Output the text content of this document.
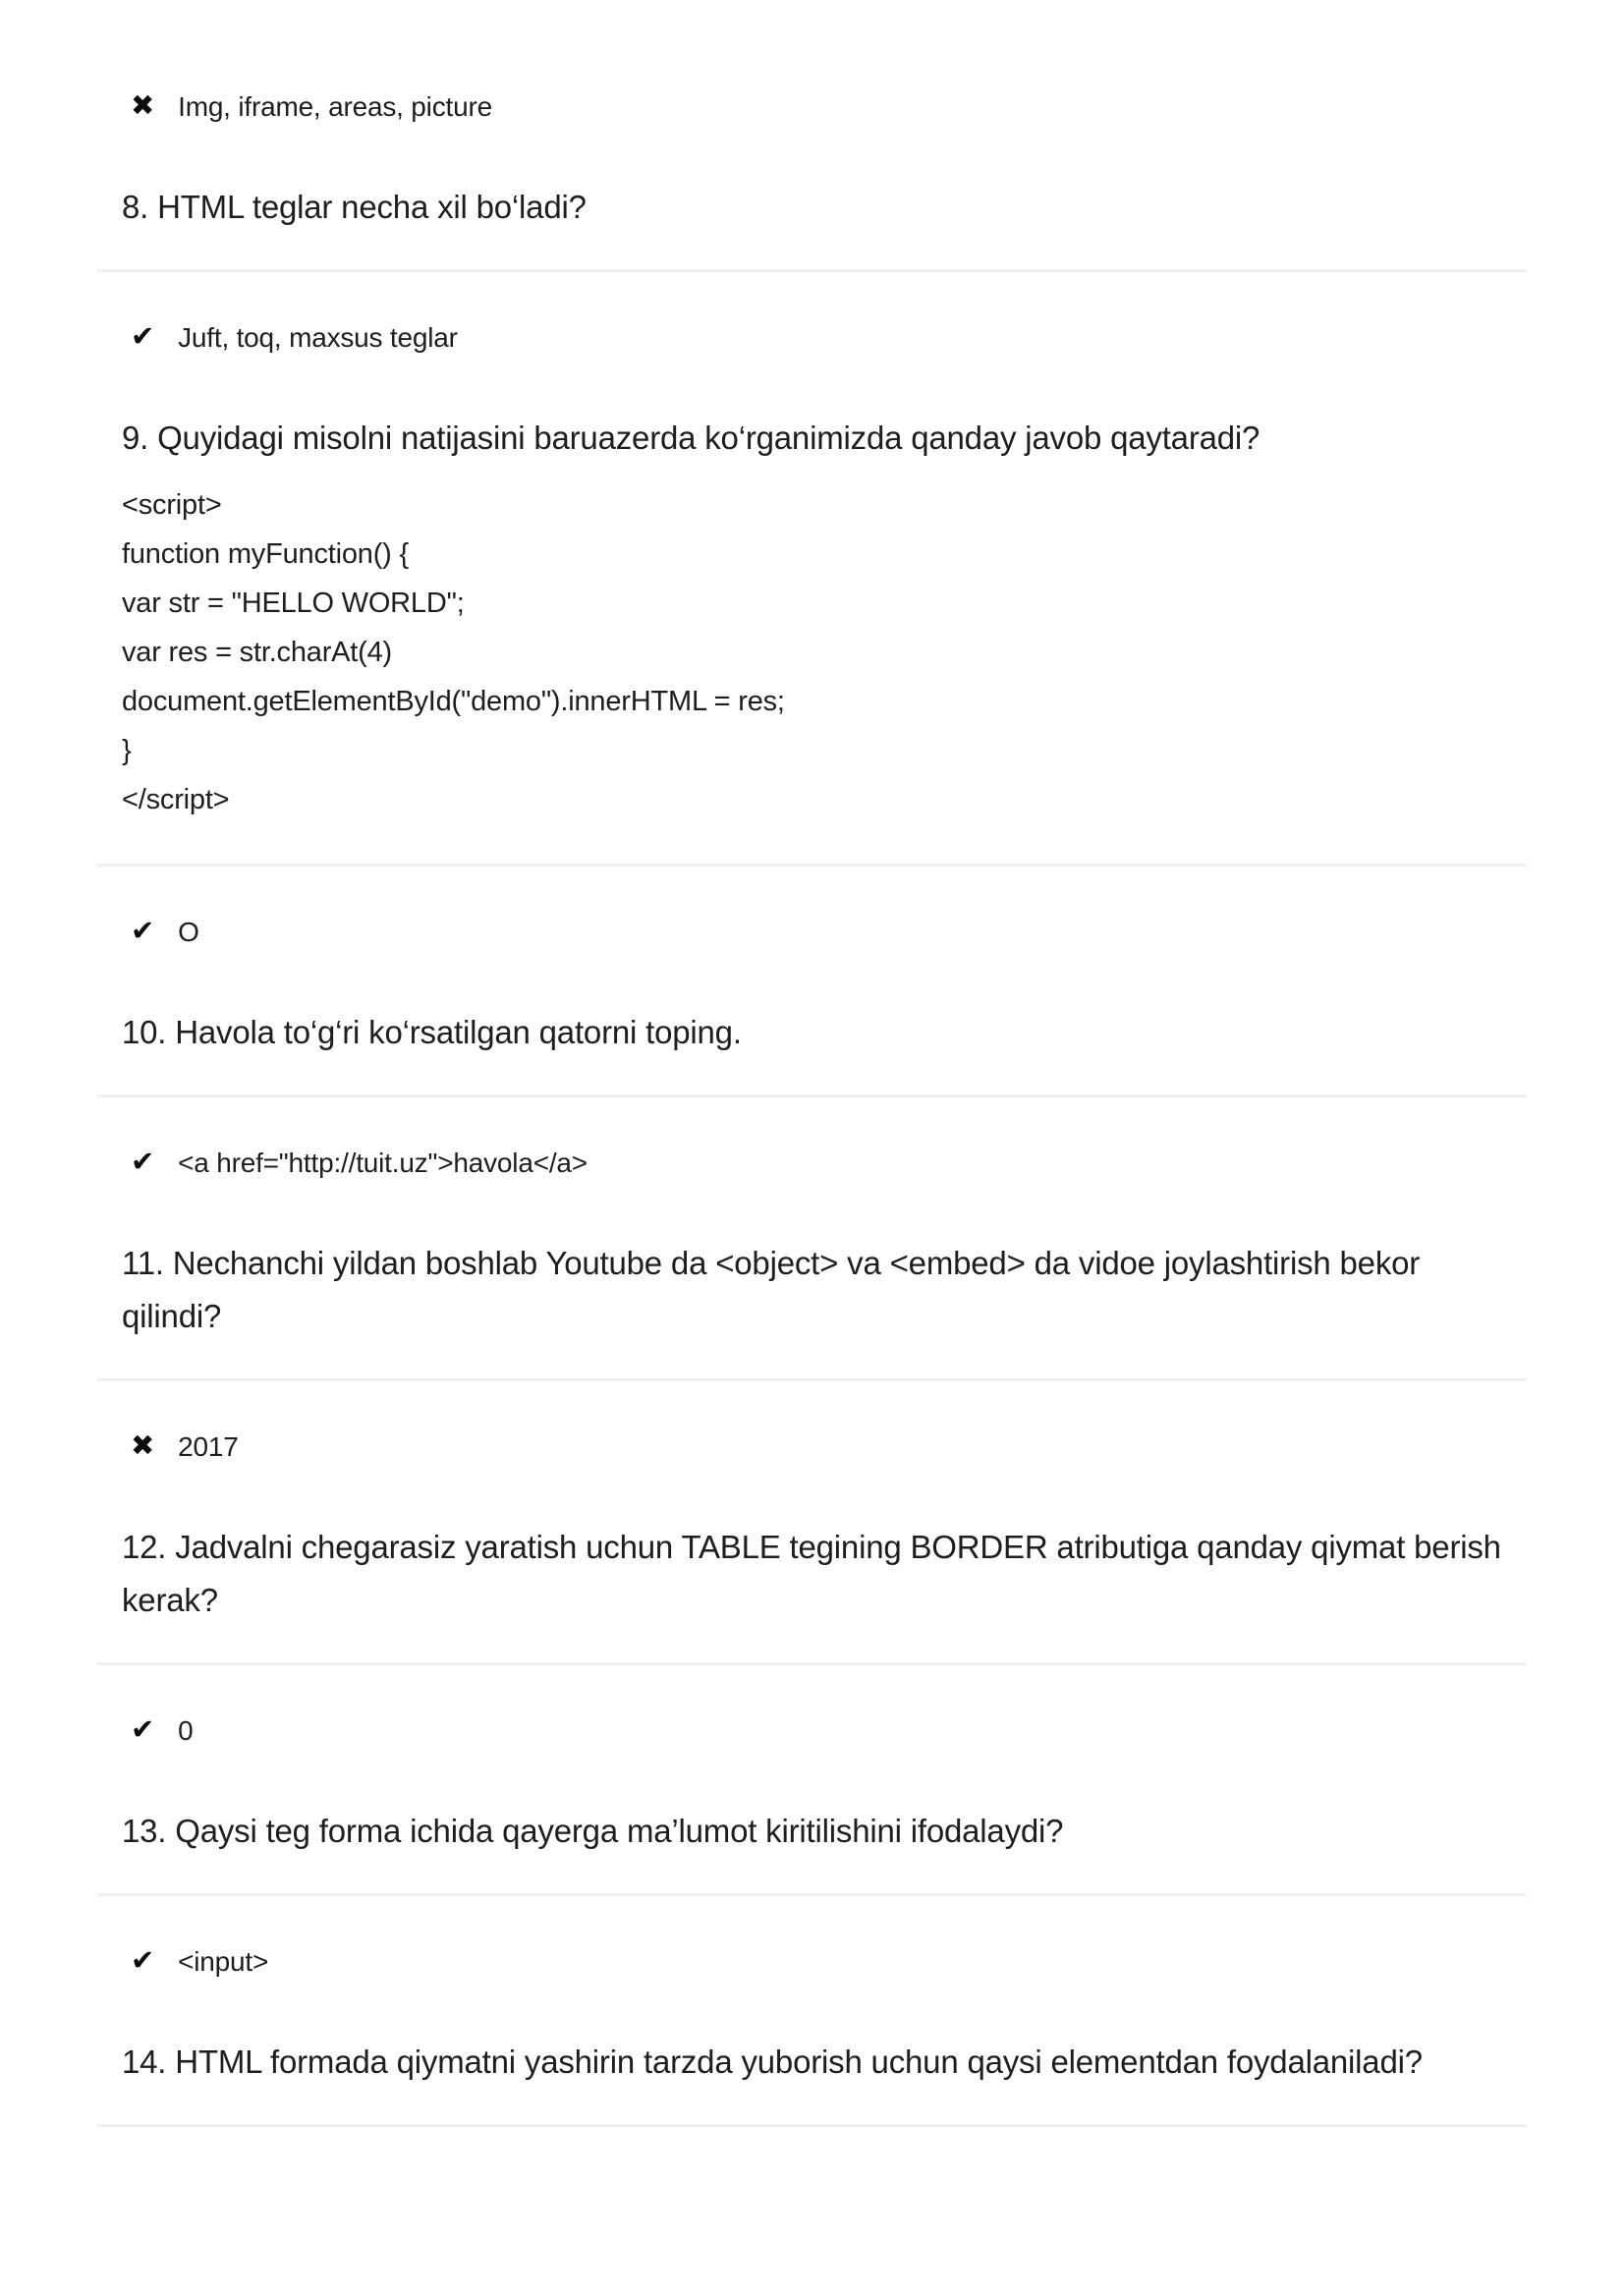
✖ Img, iframe, areas, picture
8. HTML teglar necha xil bo‘ladi?
✔ Juft, toq, maxsus teglar
9. Quyidagi misolni natijasini baruazerda ko‘rganimizda qanday javob qaytaradi?
<script>
function myFunction() {
var str = "HELLO WORLD";
var res = str.charAt(4)
document.getElementById("demo").innerHTML = res;
}
</script>
✔ O
10. Havola to‘g‘ri ko‘rsatilgan qatorni toping.
✔ <a href="http://tuit.uz">havola</a>
11. Nechanchi yildan boshlab Youtube da <object> va <embed> da vidoe joylashtirish bekor qilindi?
✖ 2017
12. Jadvalni chegarasiz yaratish uchun TABLE tegining BORDER atributiga qanday qiymat berish kerak?
✔ 0
13. Qaysi teg forma ichida qayerga ma’lumot kiritilishini ifodalaydi?
✔ <input>
14. HTML formada qiymatni yashirin tarzda yuborish uchun qaysi elementdan foydalaniladi?
